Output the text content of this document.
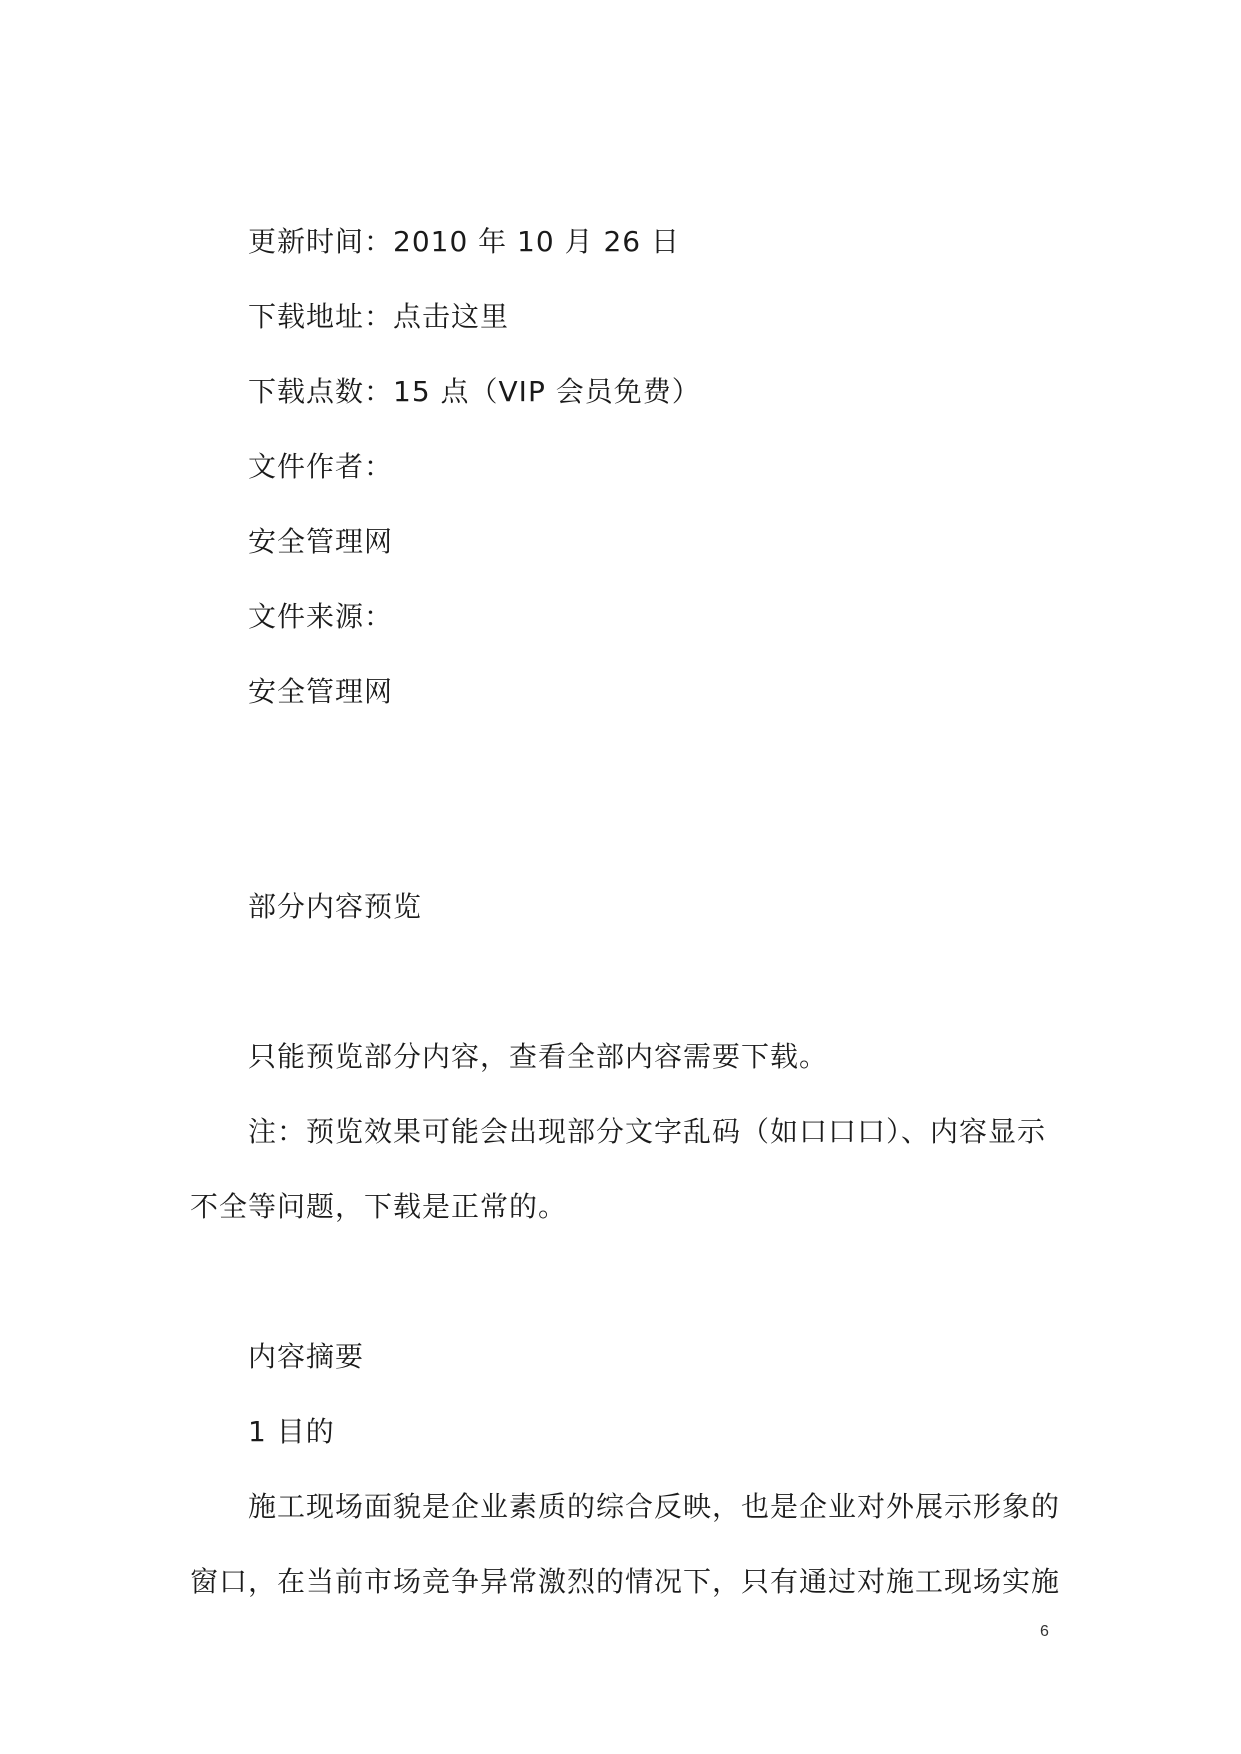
更新时间：2010 年 10 月 26 日
下载地址：点击这里
下载点数：15 点（VIP 会员免费）
文件作者：
安全管理网
文件来源：
安全管理网
部分内容预览
只能预览部分内容，查看全部内容需要下载。
注：预览效果可能会出现部分文字乱码（如口口口）、内容显示
不全等问题，下载是正常的。
内容摘要
1 目的
施工现场面貌是企业素质的综合反映，也是企业对外展示形象的
窗口，在当前市场竞争异常激烈的情况下，只有通过对施工现场实施
6
